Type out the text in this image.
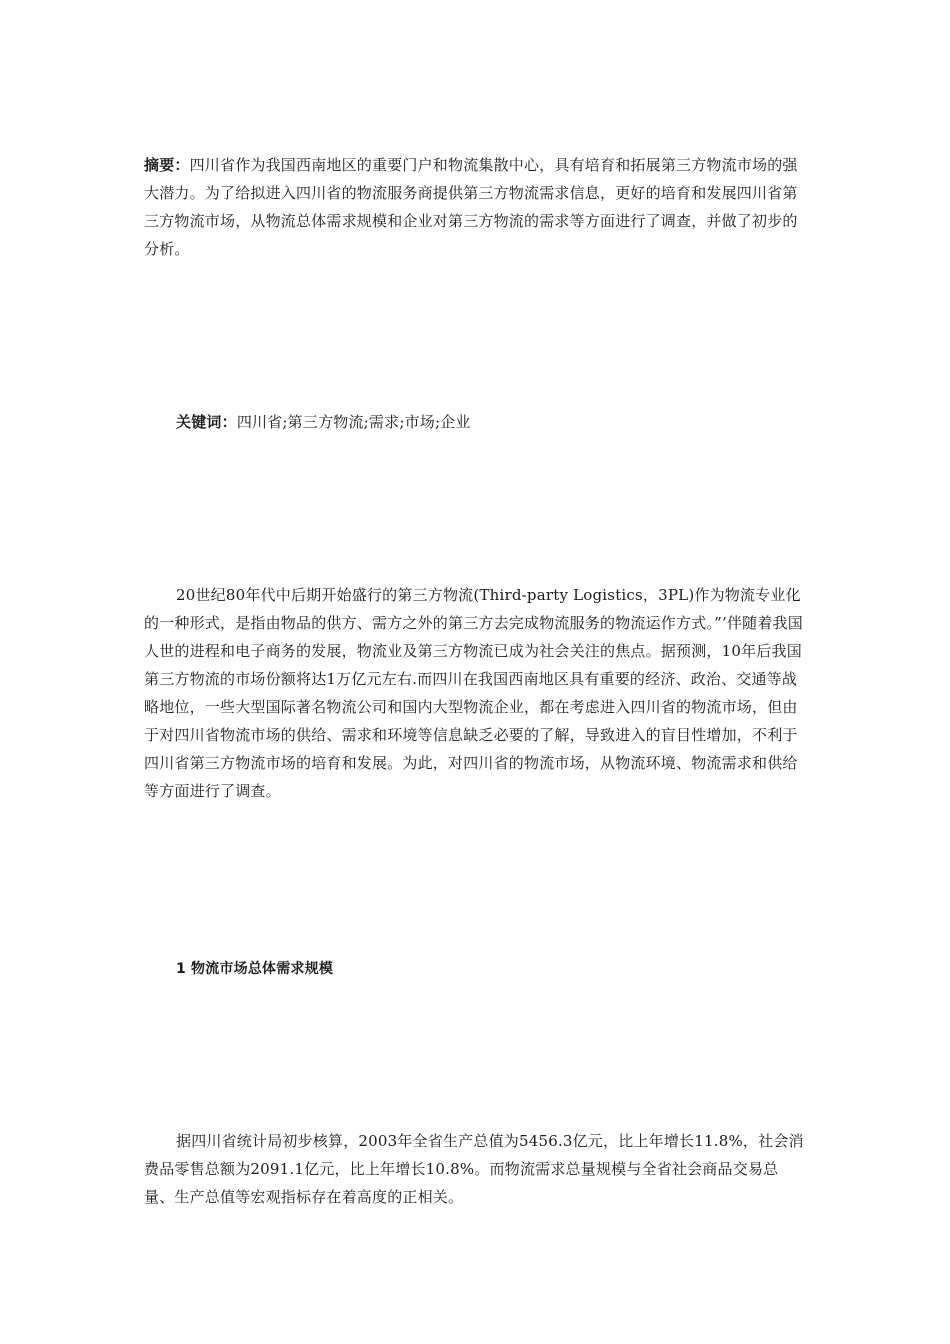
摘要：四川省作为我国西南地区的重要门户和物流集散中心，具有培育和拓展第三方物流市场的强大潜力。为了给拟进入四川省的物流服务商提供第三方物流需求信息，更好的培育和发展四川省第三方物流市场，从物流总体需求规模和企业对第三方物流的需求等方面进行了调查，并做了初步的分析。
关键词：四川省;第三方物流;需求;市场;企业
20世纪80年代中后期开始盛行的第三方物流(Third-party Logistics，3PL)作为物流专业化的一种形式，是指由物品的供方、需方之外的第三方去完成物流服务的物流运作方式。”’伴随着我国人世的进程和电子商务的发展，物流业及第三方物流已成为社会关注的焦点。据预测，10年后我国第三方物流的市场份额将达1万亿元左右.而四川在我国西南地区具有重要的经济、政治、交通等战略地位，一些大型国际著名物流公司和国内大型物流企业，都在考虑进入四川省的物流市场，但由于对四川省物流市场的供给、需求和环境等信息缺乏必要的了解，导致进入的盲目性增加，不利于四川省第三方物流市场的培育和发展。为此，对四川省的物流市场，从物流环境、物流需求和供给等方面进行了调查。
1 物流市场总体需求规模
据四川省统计局初步核算，2003年全省生产总值为5456.3亿元，比上年增长11.8%，社会消费品零售总额为2091.1亿元，比上年增长10.8%。而物流需求总量规模与全省社会商品交易总量、生产总值等宏观指标存在着高度的正相关。
